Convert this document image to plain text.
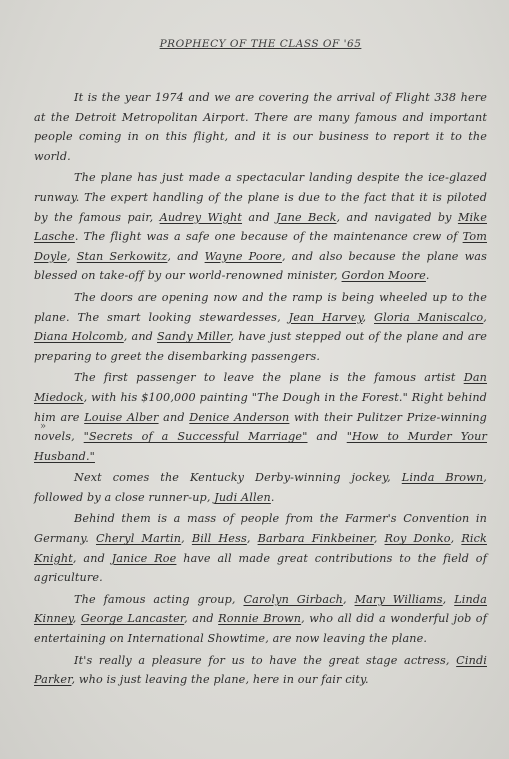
PROPHECY OF THE CLASS OF '65

It is the year 1974 and we are covering the arrival of Flight 338 here at the Detroit Metropolitan Airport. There are many famous and important people coming in on this flight, and it is our business to report it to the world.

The plane has just made a spectacular landing despite the ice-glazed runway. The expert handling of the plane is due to the fact that it is piloted by the famous pair, Audrey Wight and Jane Beck, and navigated by Mike Lasche. The flight was a safe one because of the maintenance crew of Tom Doyle, Stan Serkowitz, and Wayne Poore, and also because the plane was blessed on take-off by our world-renowned minister, Gordon Moore.

The doors are opening now and the ramp is being wheeled up to the plane. The smart looking stewardesses, Jean Harvey, Gloria Maniscalco, Diana Holcomb, and Sandy Miller, have just stepped out of the plane and are preparing to greet the disembarking passengers.

The first passenger to leave the plane is the famous artist Dan Miedock, with his $100,000 painting "The Dough in the Forest." Right behind him are Louise Alber and Denice Anderson with their Pulitzer Prize-winning novels, "Secrets of a Successful Marriage" and "How to Murder Your Husband."

Next comes the Kentucky Derby-winning jockey, Linda Brown, followed by a close runner-up, Judi Allen.

Behind them is a mass of people from the Farmer's Convention in Germany. Cheryl Martin, Bill Hess, Barbara Finkbeiner, Roy Donko, Rick Knight, and Janice Roe have all made great contributions to the field of agriculture.

The famous acting group, Carolyn Girbach, Mary Williams, Linda Kinney, George Lancaster, and Ronnie Brown, who all did a wonderful job of entertaining on International Showtime, are now leaving the plane.

It's really a pleasure for us to have the great stage actress, Cindi Parker, who is just leaving the plane, here in our fair city.

»
